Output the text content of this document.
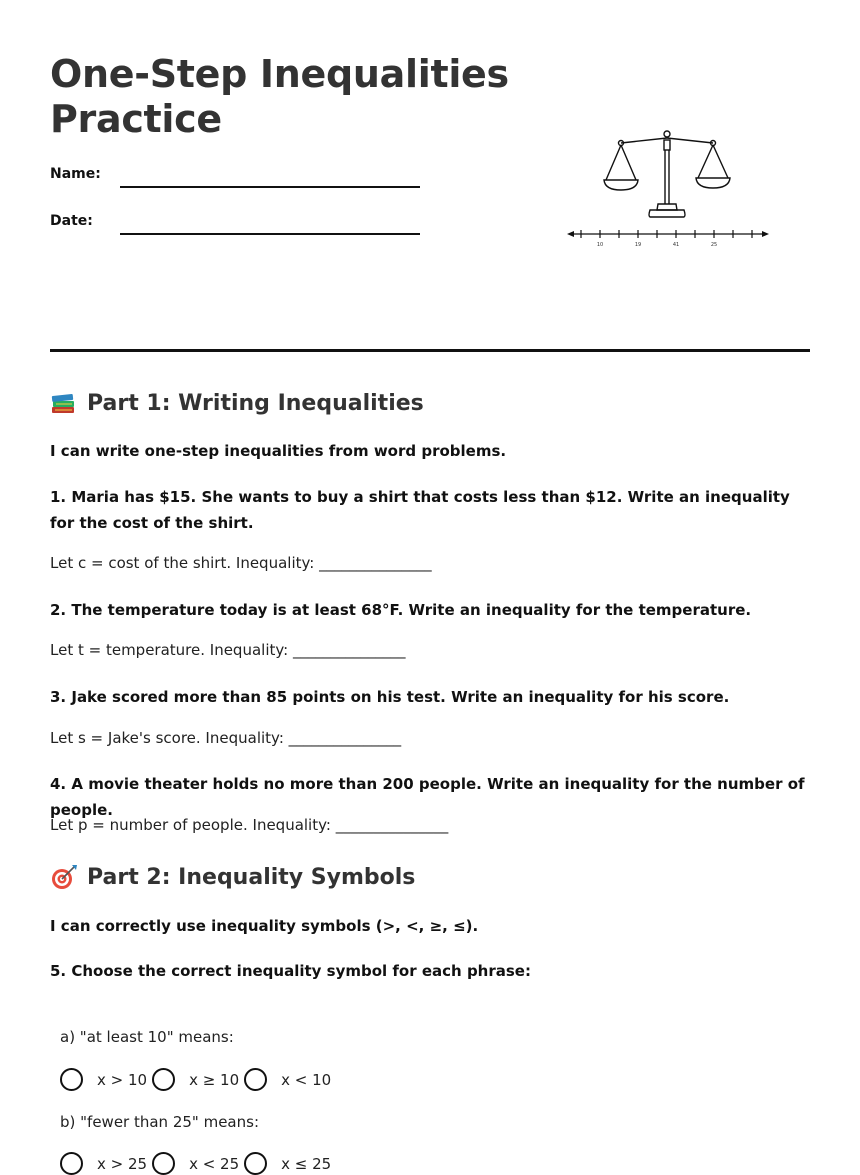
One-Step Inequalities
Practice
Name:
Date:
10	19	41	25
Part 1: Writing Inequalities

I can write one-step inequalities from word problems.

1. Maria has $15. She wants to buy a shirt that costs less than $12. Write an inequality for the cost of the shirt.

Let c = cost of the shirt. Inequality: _______________

2. The temperature today is at least 68°F. Write an inequality for the temperature.

Let t = temperature. Inequality: _______________

3. Jake scored more than 85 points on his test. Write an inequality for his score.

Let s = Jake's score. Inequality: _______________

4. A movie theater holds no more than 200 people. Write an inequality for the number of people.

Let p = number of people. Inequality: _______________

Part 2: Inequality Symbols

I can correctly use inequality symbols (>, <, ≥, ≤).

5. Choose the correct inequality symbol for each phrase:

a) "at least 10" means:

x > 10	x ≥ 10	x < 10

b) "fewer than 25" means:

x > 25	x < 25	x ≤ 25
